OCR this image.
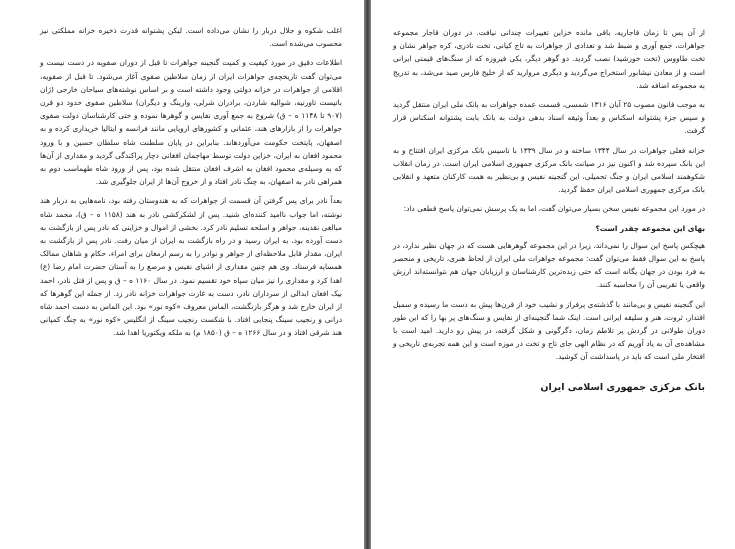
اغلب شکوه و جلال دربار را نشان می‌داده است. لیکن پشتوانه قدرت ذخیره خزانه مملکتی نیز محسوب می‌شده است.

اطلاعات دقیق در مورد کیفیت و کمیت گنجینه جواهرات تا قبل از دوران صفویه در دست نیست و می‌توان گفت تاریخچه‌ی جواهرات ایران از زمان سلاطین صفوی آغاز می‌شود. تا قبل از صفویه، اقلامی از جواهرات در خزانه دولتی وجود داشته است و بر اساس نوشته‌های سیاحان خارجی (ژان باتیست تاورنیه، شوالیه شاردن، برادران شرلی، وارینگ و دیگران) سلاطین صفوی حدود دو قرن (۹۰۷ تا ۱۱۴۸ ه – ق) شروع به جمع آوری نفایس و گوهرها نموده و حتی کارشناسان دولت صفوی جواهرات را از بازارهای هند، عثمانی و کشورهای اروپایی مانند فرانسه و ایتالیا خریداری کرده و به اصفهان، پایتخت حکومت می‌آوردهاند. بنابراین در پایان سلطنت شاه سلطان حسین و با ورود محمود افغان به ایران، خزاین دولت توسط مهاجمان افغانی دچار پراکندگی گردید و مقداری از آن‌ها که به وسیله‌ی محمود افغان به اشرف افغان منتقل شده بود، پس از ورود شاه طهماسب دوم به همراهی نادر به اصفهان، به چنگ نادر افتاد و از خروج آن‌ها از ایران جلوگیری شد.

بعداً نادر برای پس گرفتن آن قسمت از جواهرات که به هندوستان رفته بود، نامه‌هایی به دربار هند نوشته، اما جواب ناامید کننده‌ای شنید. پس از لشکرکشی نادر به هند (۱۱۵۸ ه – ق)، محمد شاه مبالغی نقدینه، جواهر و اسلحه تسلیم نادر کرد. بخشی از اموال و خزاینی که نادر پس از بازگشت به دست آورده بود، به ایران رسید و در راه بازگشت به ایران از میان رفت. نادر پس از بازگشت به ایران، مقدار قابل ملاحظه‌ای از جواهر و نوادر را به رسم ارمغان برای امراء، حکام و شاهان ممالک همسایه فرستاد. وی هم چنین مقداری از اشیای نفیس و مرصع را به آستان حضرت امام رضا (ع) اهدا کرد و مقداری را نیز میان سپاه خود تقسیم نمود. در سال ۱۱۶۰ ه – ق و پس از قتل نادر، احمد بیک افغان ابدالی از سرداران نادر، دست به غارت جواهرات خزانه نادر زد. از جمله این گوهرها که از ایران خارج شد و هرگز بازنگشت، الماس معروف «کوه نور» بود. این الماس به دست احمد شاه درانی و رنجیب سینگ پنجابی افتاد. با شکست رنجیب سینگ از انگلیس «کوه نور» به چنگ کمپانی هند شرقی افتاد و در سال ۱۲۶۶ ه – ق (۱۸۵۰ م) به ملکه ویکتوریا اهدا شد.

از آن پس تا زمان قاجاریه، باقی مانده خزاین تغییرات چندانی نیافت. در دوران قاجار مجموعه جواهرات، جمع آوری و ضبط شد و تعدادی از جواهرات به تاج کیانی، تخت نادری، کره جواهر نشان و تخت طاووس (تخت خورشید) نصب گردید. دو گوهر دیگر، یکی فیروزه که از سنگ‌های قیمتی ایرانی است و از معادن نیشابور استخراج می‌گردید و دیگری مروارید که از خلیج فارس صید می‌شد، به تدریج به مجموعه اضافه شد.

به موجب قانون مصوب ۲۵ آبان ۱۳۱۶ شمسی، قسمت عمده جواهرات به بانک ملی ایران منتقل گردید و سپس جزء پشتوانه اسکناس و بعداً وثیقه اسناد بدهی دولت به بانک بابت پشتوانه اسکناس قرار گرفت.

خزانه فعلی جواهرات در سال ۱۳۴۴ ساخته و در سال ۱۳۳۹ با تاسیس بانک مرکزی ایران افتتاح و به این بانک سپرده شد و اکنون نیز در صیانت بانک مرکزی جمهوری اسلامی ایران است. در زمان انقلاب شکوهمند اسلامی ایران و جنگ تحمیلی، این گنجینه نفیس و بی‌نظیر به همت کارکنان متعهد و انقلابی بانک مرکزی جمهوری اسلامی ایران حفظ گردید.

در مورد این مجموعه نفیس سخن بسیار می‌توان گفت، اما به یک پرسش نمی‌توان پاسخ قطعی داد:

بهای این مجموعه چقدر است؟

هیچکس پاسخ این سوال را نمی‌داند، زیرا در این مجموعه گوهرهایی هست که در جهان نظیر ندارد، در پاسخ به این سوال فقط می‌توان گفت: مجموعه جواهرات ملی ایران از لحاظ هنری، تاریخی و منحصر به فرد بودن در جهان یگانه است که حتی زبده‌ترین کارشناسان و ارزیابان جهان هم نتوانسته‌اند ارزش واقعی یا تقریبی آن را محاسبه کنند.

این گنجینه نفیس و بی‌مانند با گذشته‌ی پرفراز و نشیب خود از قرن‌ها پیش به دست ما رسیده و سمبل اقتدار، ثروت، هنر و سلیقه ایرانی است. اینک شما گنجینه‌ای از نفایس و سنگ‌های پر بها را که این طور دوران طولانی در گردش پر تلاطم زمان، دگرگونی و شکل گرفته، در پیش رو دارید. امید است با مشاهده‌ی آن به یاد آوریم که در نظام الهی جای تاج و تخت در موزه است و این همه تجربه‌ی تاریخی و افتخار ملی است که باید در پاسداشت آن کوشید.

بانک مرکزی جمهوری اسلامی ایران
